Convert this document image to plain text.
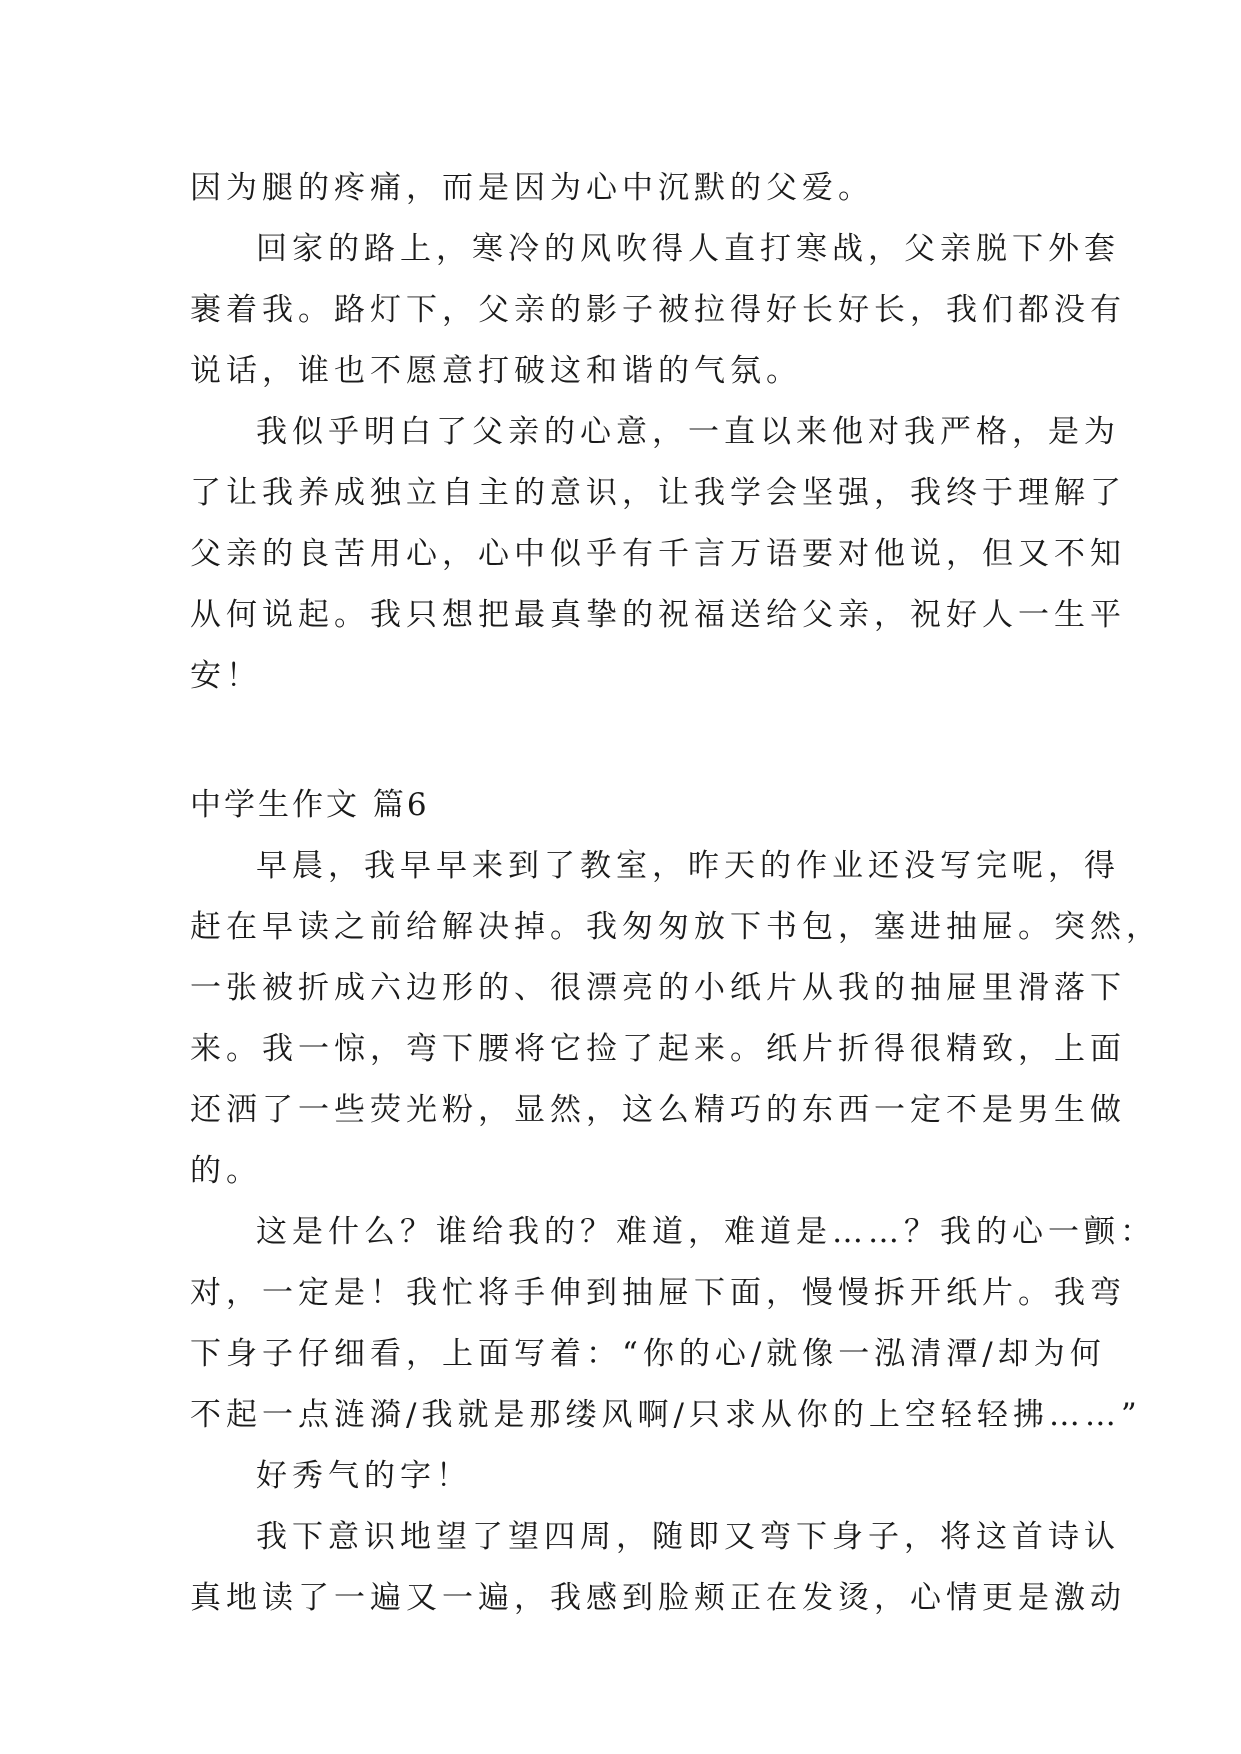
因为腿的疼痛，而是因为心中沉默的父爱。
回家的路上，寒冷的风吹得人直打寒战，父亲脱下外套
裹着我。路灯下，父亲的影子被拉得好长好长，我们都没有
说话，谁也不愿意打破这和谐的气氛。
我似乎明白了父亲的心意，一直以来他对我严格，是为
了让我养成独立自主的意识，让我学会坚强，我终于理解了
父亲的良苦用心，心中似乎有千言万语要对他说，但又不知
从何说起。我只想把最真挚的祝福送给父亲，祝好人一生平
安！
中学生作文 篇6
早晨，我早早来到了教室，昨天的作业还没写完呢，得
赶在早读之前给解决掉。我匆匆放下书包，塞进抽屉。突然，
一张被折成六边形的、很漂亮的小纸片从我的抽屉里滑落下
来。我一惊，弯下腰将它捡了起来。纸片折得很精致，上面
还洒了一些荧光粉，显然，这么精巧的东西一定不是男生做
的。
这是什么？谁给我的？难道，难道是……？我的心一颤：
对，一定是！我忙将手伸到抽屉下面，慢慢拆开纸片。我弯
下身子仔细看，上面写着：“你的心/就像一泓清潭/却为何
不起一点涟漪/我就是那缕风啊/只求从你的上空轻轻拂……”
好秀气的字！
我下意识地望了望四周，随即又弯下身子，将这首诗认
真地读了一遍又一遍，我感到脸颊正在发烫，心情更是激动
